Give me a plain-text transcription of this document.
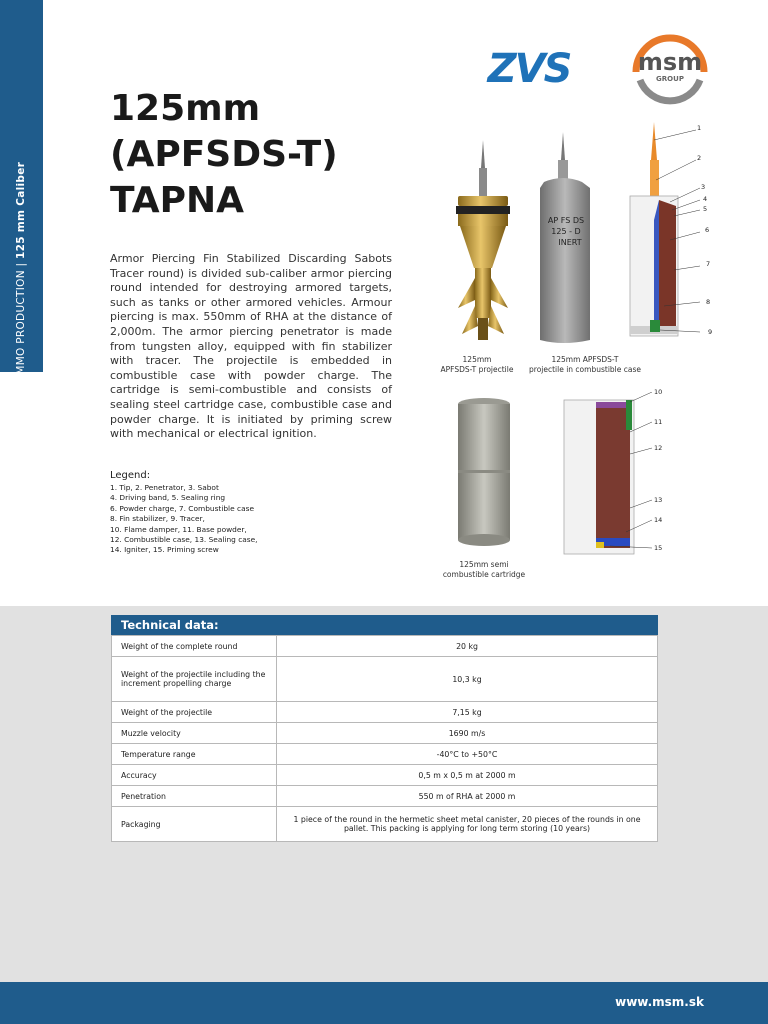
AMMO PRODUCTION | 125 mm Caliber
ZVS	msm
GROUP
125mm
(APFSDS-T)
TAPNA
Armor Piercing Fin Stabilized Discarding Sabots Tracer round) is divided sub-caliber armor piercing round intended for destroying armored targets, such as tanks or other armored vehicles. Armour piercing is max. 550mm of RHA at the distance of 2,000m. The armor piercing penetrator is made from tungsten alloy, equipped with fin stabilizer with tracer. The projectile is embedded in combustible case with powder charge. The cartridge is semi-combustible and consists of sealing steel cartridge case, combustible case and powder charge. It is initiated by priming screw with mechanical or electrical ignition.
Legend:
1. Tip, 2. Penetrator, 3. Sabot
4. Driving band, 5. Sealing ring
6. Powder charge, 7. Combustible case
8. Fin stabilizer, 9. Tracer,
10. Flame damper, 11. Base powder,
12. Combustible case, 13. Sealing case,
14. Igniter, 15. Priming screw
125mm
APFSDS-T projectile
AP FS DS
125 - D
INERT
125mm APFSDS-T
projectile in combustible case
1
2
3
4
5
6
7
8
9
125mm semi
combustible cartridge
10
11
12
13
14
15
Technical data:
Weight of the complete round	20 kg
Weight of the projectile including the increment propelling charge	10,3 kg
Weight of the projectile	7,15 kg
Muzzle velocity	1690 m/s
Temperature range	-40°C to +50°C
Accuracy	0,5 m x 0,5 m at 2000 m
Penetration	550 m of RHA at 2000 m
Packaging	1 piece of the round in the hermetic sheet metal canister, 20 pieces of the rounds in one pallet. This packing is applying for long term storing (10 years)
www.msm.sk
